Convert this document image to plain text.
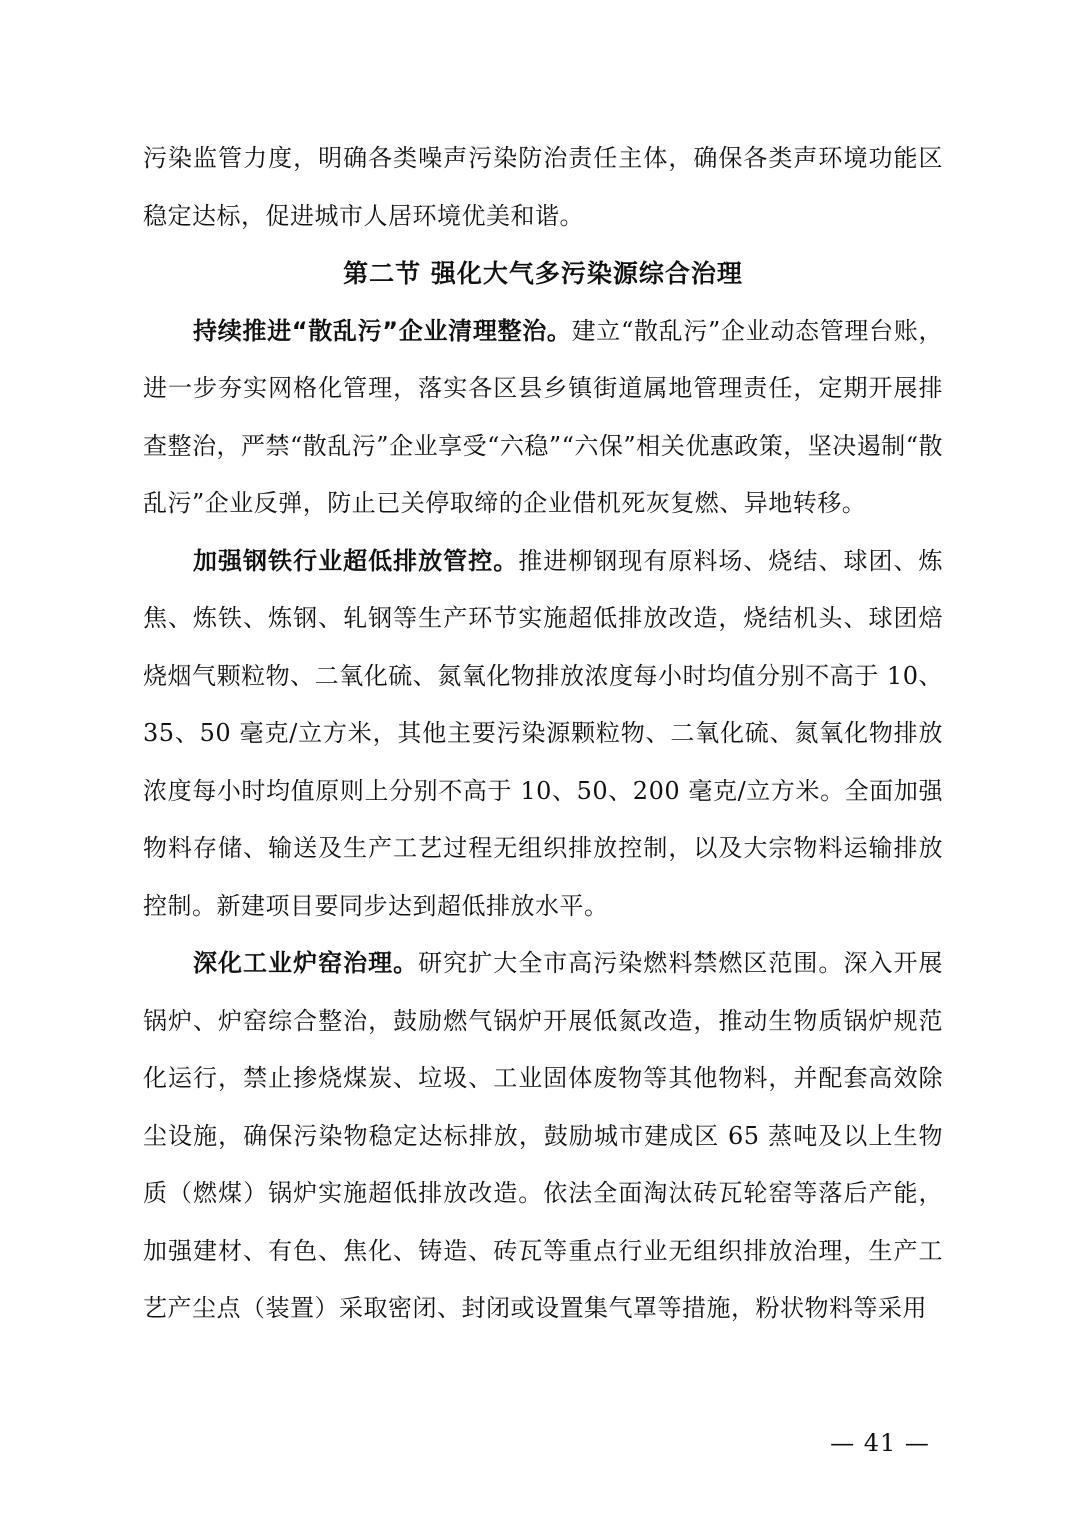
污染监管力度，明确各类噪声污染防治责任主体，确保各类声环境功能区稳定达标，促进城市人居环境优美和谐。

第二节 强化大气多污染源综合治理

持续推进“散乱污”企业清理整治。建立“散乱污”企业动态管理台账，进一步夯实网格化管理，落实各区县乡镇街道属地管理责任，定期开展排查整治，严禁“散乱污”企业享受“六稳”“六保”相关优惠政策，坚决遏制“散乱污”企业反弹，防止已关停取缔的企业借机死灰复燃、异地转移。

加强钢铁行业超低排放管控。推进柳钢现有原料场、烧结、球团、炼焦、炼铁、炼钢、轧钢等生产环节实施超低排放改造，烧结机头、球团焙烧烟气颗粒物、二氧化硫、氮氧化物排放浓度每小时均值分别不高于 10、35、50 毫克/立方米，其他主要污染源颗粒物、二氧化硫、氮氧化物排放浓度每小时均值原则上分别不高于 10、50、200 毫克/立方米。全面加强物料存储、输送及生产工艺过程无组织排放控制，以及大宗物料运输排放控制。新建项目要同步达到超低排放水平。

深化工业炉窑治理。研究扩大全市高污染燃料禁燃区范围。深入开展锅炉、炉窑综合整治，鼓励燃气锅炉开展低氮改造，推动生物质锅炉规范化运行，禁止掺烧煤炭、垃圾、工业固体废物等其他物料，并配套高效除尘设施，确保污染物稳定达标排放，鼓励城市建成区 65 蒸吨及以上生物质（燃煤）锅炉实施超低排放改造。依法全面淘汰砖瓦轮窑等落后产能，加强建材、有色、焦化、铸造、砖瓦等重点行业无组织排放治理，生产工艺产尘点（装置）采取密闭、封闭或设置集气罩等措施，粉状物料等采用

— 41 —
